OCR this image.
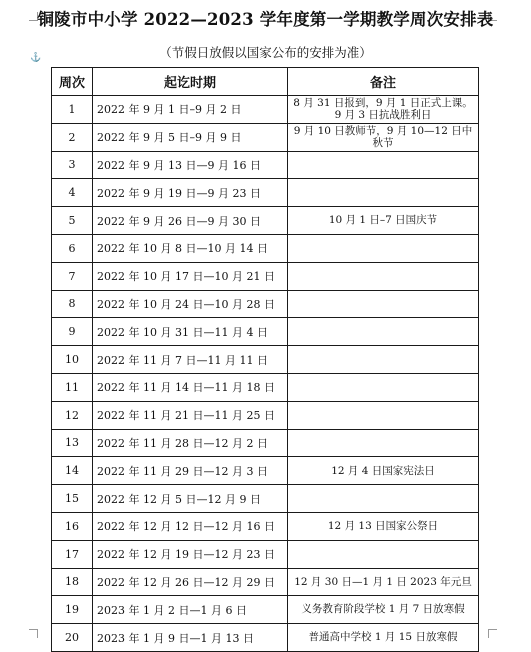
⚓
铜陵市中小学 2022—2023 学年度第一学期教学周次安排表
（节假日放假以国家公布的安排为准）
周次	起讫时期	备注
1	2022 年 9 月 1 日–9 月 2 日	8 月 31 日报到，9 月 1 日正式上课。
9 月 3 日抗战胜利日

2	2022 年 9 月 5 日–9 月 9 日	9 月 10 日教师节，9 月 10—12 日中
秋节

3	2022 年 9 月 13 日—9 月 16 日	

4	2022 年 9 月 19 日—9 月 23 日	

5	2022 年 9 月 26 日—9 月 30 日	10 月 1 日–7 日国庆节

6	2022 年 10 月 8 日—10 月 14 日	

7	2022 年 10 月 17 日—10 月 21 日	

8	2022 年 10 月 24 日—10 月 28 日	

9	2022 年 10 月 31 日—11 月 4 日	

10	2022 年 11 月 7 日—11 月 11 日	

11	2022 年 11 月 14 日—11 月 18 日	

12	2022 年 11 月 21 日—11 月 25 日	

13	2022 年 11 月 28 日—12 月 2 日	

14	2022 年 11 月 29 日—12 月 3 日	12 月 4 日国家宪法日

15	2022 年 12 月 5 日—12 月 9 日	

16	2022 年 12 月 12 日—12 月 16 日	12 月 13 日国家公祭日

17	2022 年 12 月 19 日—12 月 23 日	

18	2022 年 12 月 26 日—12 月 29 日	12 月 30 日—1 月 1 日 2023 年元旦

19	2023 年 1 月 2 日—1 月 6 日	义务教育阶段学校 1 月 7 日放寒假

20	2023 年 1 月 9 日—1 月 13 日	普通高中学校 1 月 15 日放寒假
